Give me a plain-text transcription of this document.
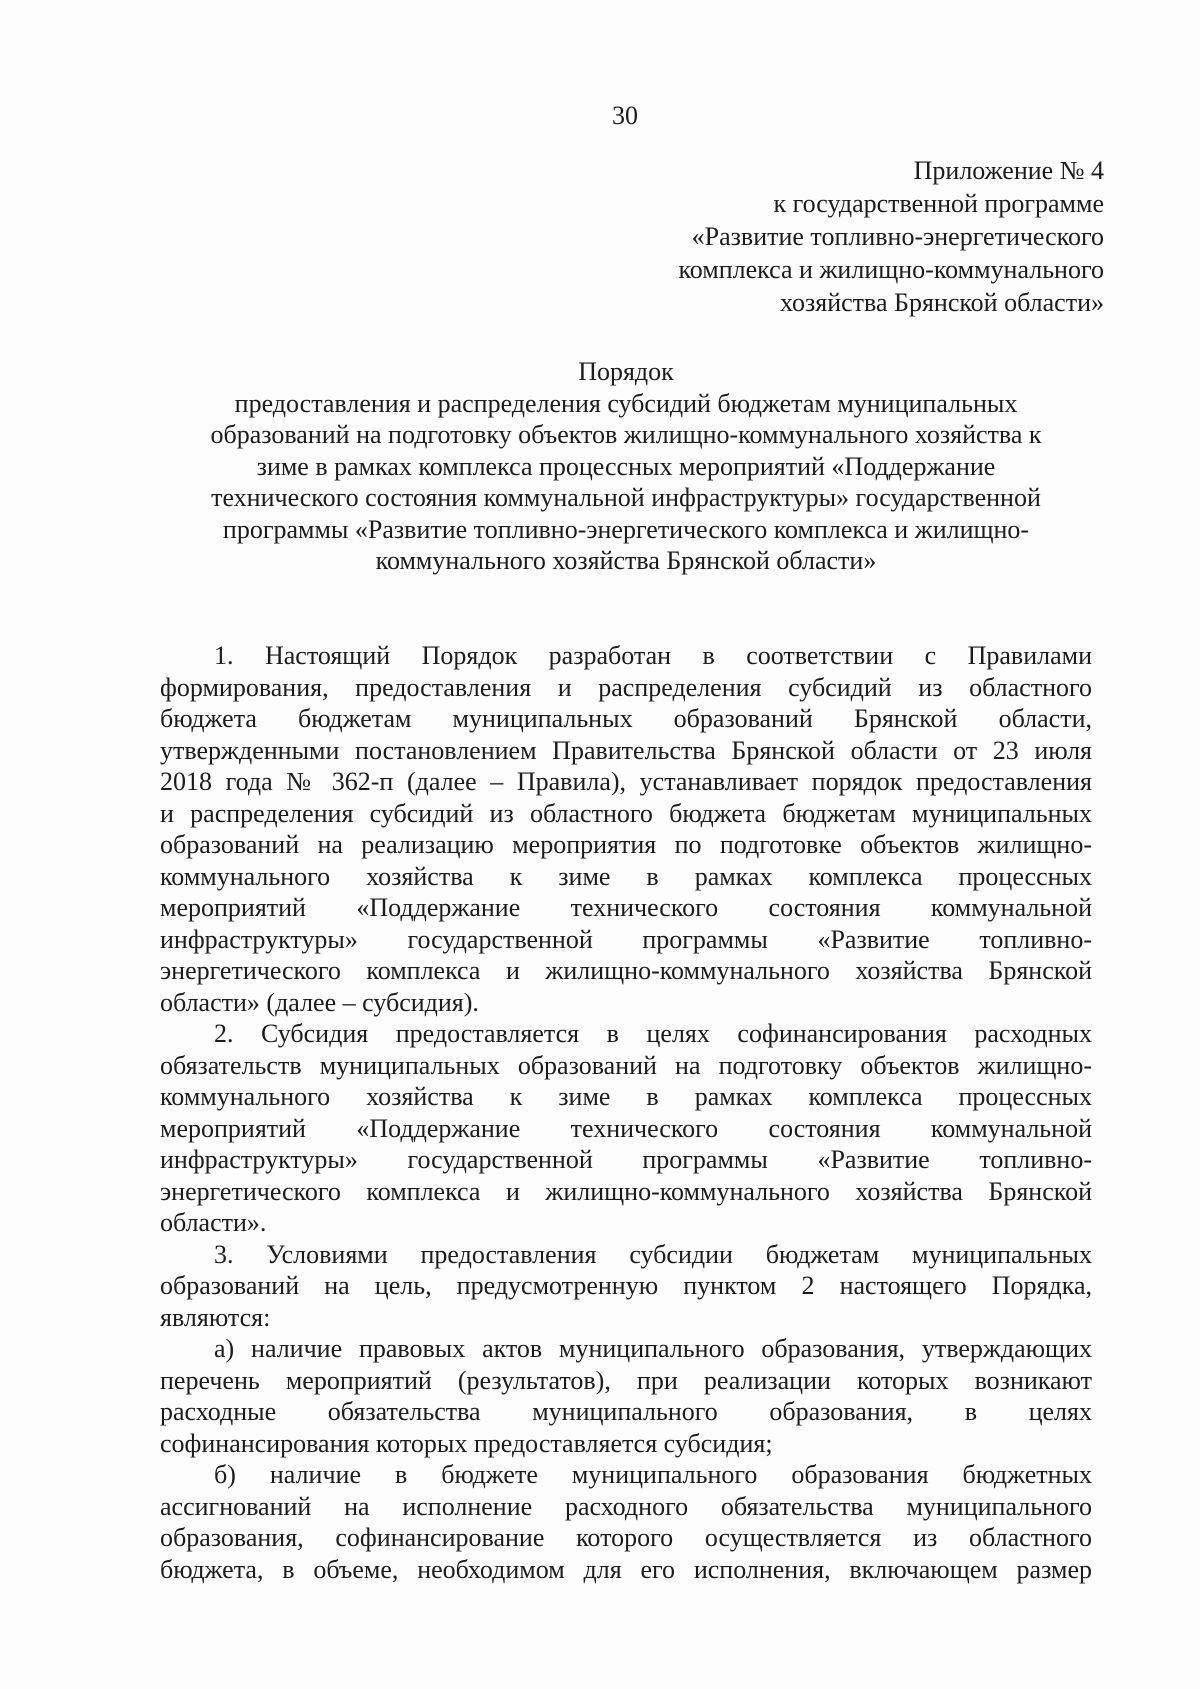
30
Приложение № 4
к государственной программе
«Развитие топливно-энергетического
комплекса и жилищно-коммунального
хозяйства Брянской области»
Порядок
предоставления и распределения субсидий бюджетам муниципальных
образований на подготовку объектов жилищно-коммунального хозяйства к
зиме в рамках комплекса процессных мероприятий «Поддержание
технического состояния коммунальной инфраструктуры» государственной
программы «Развитие топливно-энергетического комплекса и жилищно-
коммунального хозяйства Брянской области»
1. Настоящий Порядок разработан в соответствии с Правилами
формирования, предоставления и распределения субсидий из областного
бюджета бюджетам муниципальных образований Брянской области,
утвержденными постановлением Правительства Брянской области от 23 июля
2018 года № 362-п (далее – Правила), устанавливает порядок предоставления
и распределения субсидий из областного бюджета бюджетам муниципальных
образований на реализацию мероприятия по подготовке объектов жилищно-
коммунального хозяйства к зиме в рамках комплекса процессных
мероприятий «Поддержание технического состояния коммунальной
инфраструктуры» государственной программы «Развитие топливно-
энергетического комплекса и жилищно-коммунального хозяйства Брянской
области» (далее – субсидия).
2. Субсидия предоставляется в целях софинансирования расходных
обязательств муниципальных образований на подготовку объектов жилищно-
коммунального хозяйства к зиме в рамках комплекса процессных
мероприятий «Поддержание технического состояния коммунальной
инфраструктуры» государственной программы «Развитие топливно-
энергетического комплекса и жилищно-коммунального хозяйства Брянской
области».
3. Условиями предоставления субсидии бюджетам муниципальных
образований на цель, предусмотренную пунктом 2 настоящего Порядка,
являются:
а) наличие правовых актов муниципального образования, утверждающих
перечень мероприятий (результатов), при реализации которых возникают
расходные обязательства муниципального образования, в целях
софинансирования которых предоставляется субсидия;
б) наличие в бюджете муниципального образования бюджетных
ассигнований на исполнение расходного обязательства муниципального
образования, софинансирование которого осуществляется из областного
бюджета, в объеме, необходимом для его исполнения, включающем размер
